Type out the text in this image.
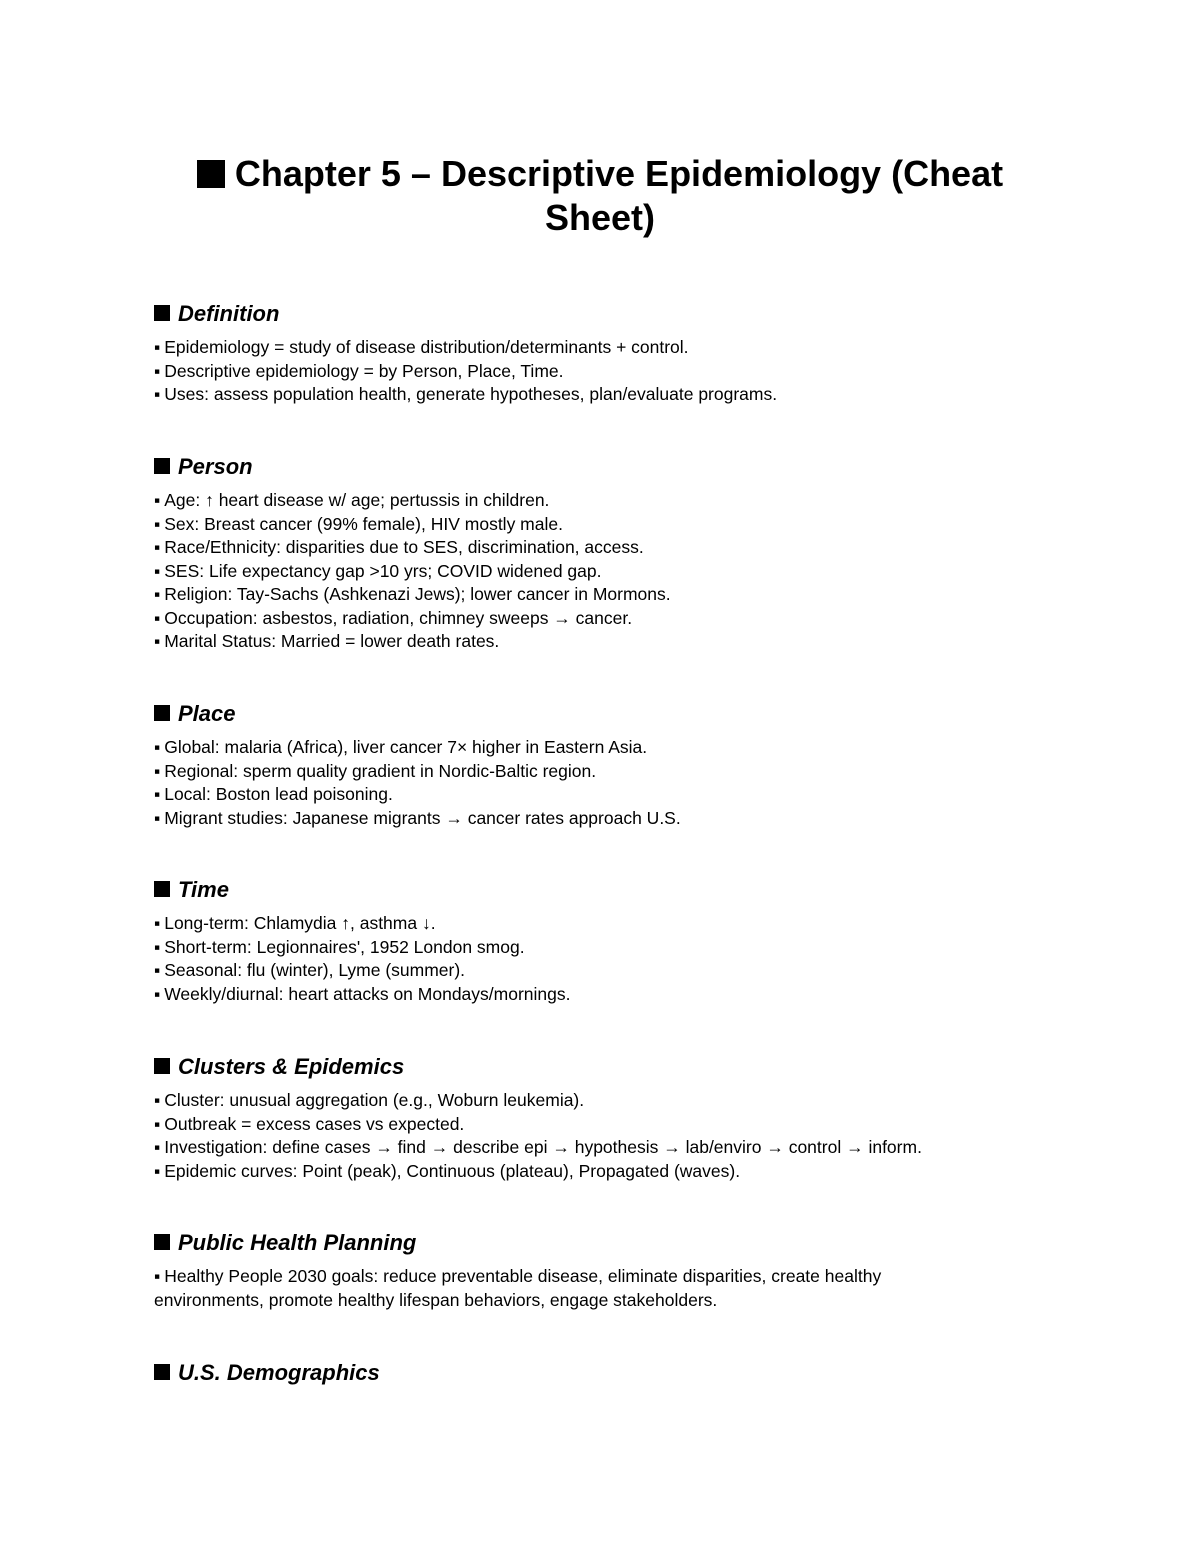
Chapter 5 – Descriptive Epidemiology (Cheat Sheet)
Definition
▪ Epidemiology = study of disease distribution/determinants + control.
▪ Descriptive epidemiology = by Person, Place, Time.
▪ Uses: assess population health, generate hypotheses, plan/evaluate programs.
Person
▪ Age: ↑ heart disease w/ age; pertussis in children.
▪ Sex: Breast cancer (99% female), HIV mostly male.
▪ Race/Ethnicity: disparities due to SES, discrimination, access.
▪ SES: Life expectancy gap >10 yrs; COVID widened gap.
▪ Religion: Tay-Sachs (Ashkenazi Jews); lower cancer in Mormons.
▪ Occupation: asbestos, radiation, chimney sweeps → cancer.
▪ Marital Status: Married = lower death rates.
Place
▪ Global: malaria (Africa), liver cancer 7× higher in Eastern Asia.
▪ Regional: sperm quality gradient in Nordic-Baltic region.
▪ Local: Boston lead poisoning.
▪ Migrant studies: Japanese migrants → cancer rates approach U.S.
Time
▪ Long-term: Chlamydia ↑, asthma ↓.
▪ Short-term: Legionnaires', 1952 London smog.
▪ Seasonal: flu (winter), Lyme (summer).
▪ Weekly/diurnal: heart attacks on Mondays/mornings.
Clusters & Epidemics
▪ Cluster: unusual aggregation (e.g., Woburn leukemia).
▪ Outbreak = excess cases vs expected.
▪ Investigation: define cases → find → describe epi → hypothesis → lab/enviro → control → inform.
▪ Epidemic curves: Point (peak), Continuous (plateau), Propagated (waves).
Public Health Planning
▪ Healthy People 2030 goals: reduce preventable disease, eliminate disparities, create healthy environments, promote healthy lifespan behaviors, engage stakeholders.
U.S. Demographics
